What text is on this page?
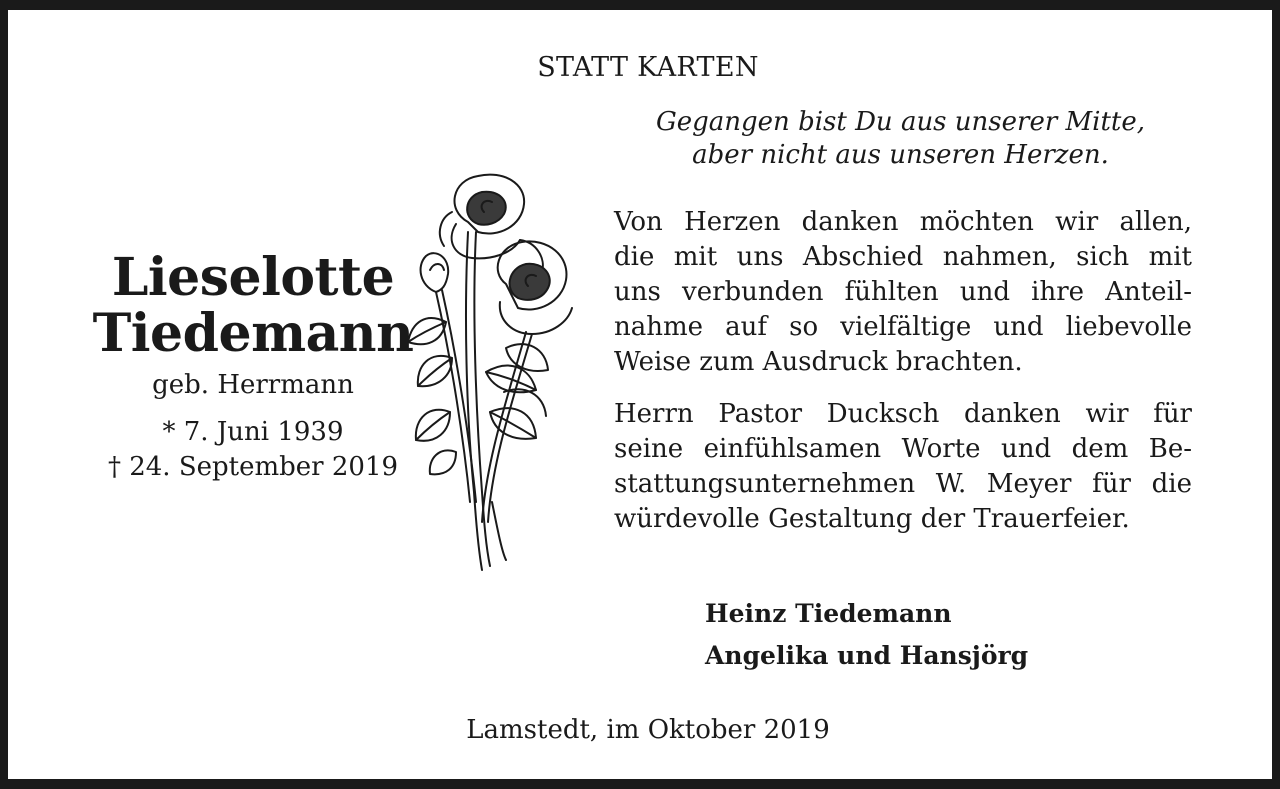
STATT KARTEN
Gegangen bist Du aus unserer Mitte,
aber nicht aus unseren Herzen.
Lieselotte
Tiedemann
geb. Herrmann
* 7. Juni 1939
† 24. September 2019
Von Herzen danken möchten wir allen,
die mit uns Abschied nahmen, sich mit
uns verbunden fühlten und ihre Anteil-
nahme auf so vielfältige und liebevolle
Weise zum Ausdruck brachten.
Herrn Pastor Ducksch danken wir für
seine einfühlsamen Worte und dem Be-
stattungsunternehmen W. Meyer für die
würdevolle Gestaltung der Trauerfeier.
Heinz Tiedemann
Angelika und Hansjörg
Lamstedt, im Oktober 2019
